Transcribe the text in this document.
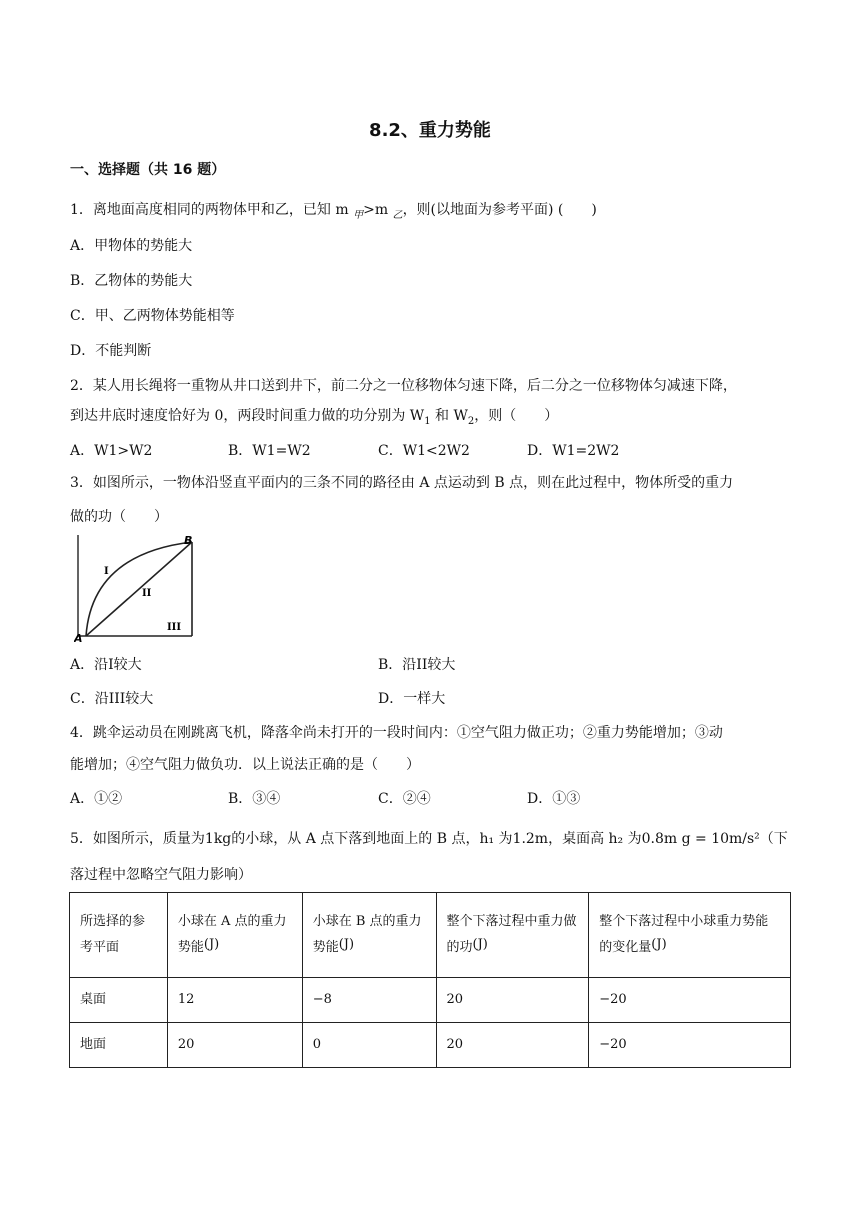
8.2、重力势能
一、选择题（共 16 题）
1．离地面高度相同的两物体甲和乙，已知 m $_甲$>m $_乙$，则(以地面为参考平面) (　　)
A．甲物体的势能大
B．乙物体的势能大
C．甲、乙两物体势能相等
D．不能判断
2．某人用长绳将一重物从井口送到井下，前二分之一位移物体匀速下降，后二分之一位移物体匀减速下降，
到达井底时速度恰好为 0，两段时间重力做的功分别为 $W_1$ 和 $W_2$，则（　　）
A．W1>W2	B．W1=W2	C．W1<2W2	D．W1=2W2
3．如图所示，一物体沿竖直平面内的三条不同的路径由 A 点运动到 B 点，则在此过程中，物体所受的重力
做的功（　　）
B
A
I
II
III
A．沿I较大	B．沿II较大
C．沿III较大	D．一样大
4．跳伞运动员在刚跳离飞机，降落伞尚未打开的一段时间内：①空气阻力做正功；②重力势能增加；③动
能增加；④空气阻力做负功．以上说法正确的是（　　）
A．①②	B．③④	C．②④	D．①③
5．如图所示，质量为1kg的小球，从 A 点下落到地面上的 B 点，h₁ 为1.2m，桌面高 h₂ 为0.8m g = 10m/s²（下
落过程中忽略空气阻力影响）
所选择的参考平面	小球在 A 点的重力势能(J)	小球在 B 点的重力势能(J)	整个下落过程中重力做的功(J)	整个下落过程中小球重力势能的变化量(J)
桌面	12	−8	20	−20
地面	20	0	20	−20
